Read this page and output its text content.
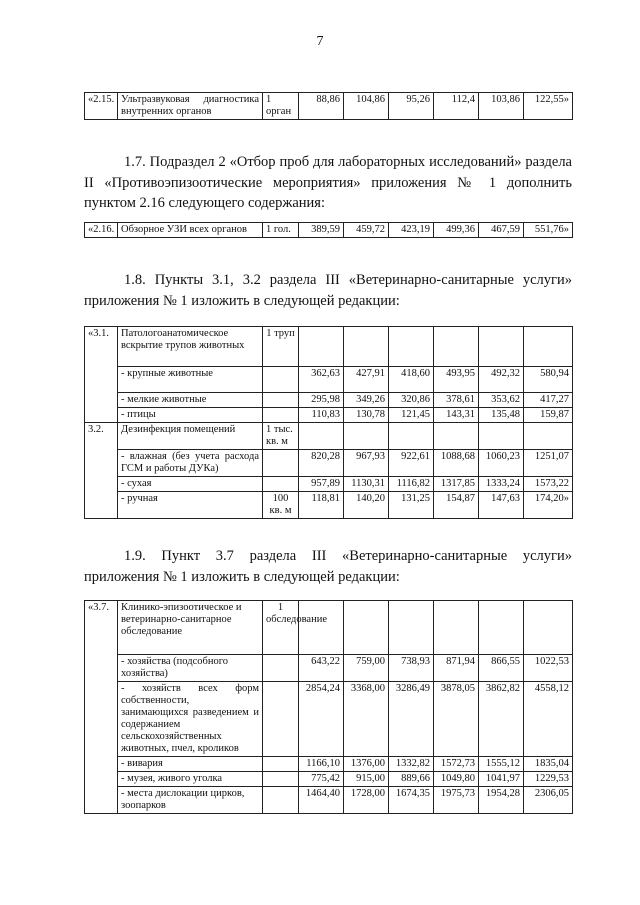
7
«2.15.	Ультразвуковая диагностика внутренних органов	1 орган	88,86	104,86	95,26	112,4	103,86	122,55»

1.7. Подраздел 2 «Отбор проб для лабораторных исследований» раздела II «Противоэпизоотические мероприятия» приложения № 1 дополнить пунктом 2.16 следующего содержания:

«2.16.	Обзорное УЗИ всех органов	1 гол.	389,59	459,72	423,19	499,36	467,59	551,76»

1.8. Пункты 3.1, 3.2 раздела III «Ветеринарно-санитарные услуги» приложения № 1 изложить в следующей редакции:

«3.1.	Патологоанатомическое вскрытие трупов животных	1 труп						
	- крупные животные		362,63	427,91	418,60	493,95	492,32	580,94
	- мелкие животные		295,98	349,26	320,86	378,61	353,62	417,27
	- птицы		110,83	130,78	121,45	143,31	135,48	159,87
3.2.	Дезинфекция помещений	1 тыс. кв. м						
	- влажная (без учета расхода ГСМ и работы ДУКа)		820,28	967,93	922,61	1088,68	1060,23	1251,07
	- сухая		957,89	1130,31	1116,82	1317,85	1333,24	1573,22
	- ручная	100 кв. м	118,81	140,20	131,25	154,87	147,63	174,20»

1.9. Пункт 3.7 раздела III «Ветеринарно-санитарные услуги» приложения № 1 изложить в следующей редакции:

«3.7.	Клинико-эпизоотическое и ветеринарно-санитарное обследование	1 обследование						
	- хозяйства (подсобного хозяйства)		643,22	759,00	738,93	871,94	866,55	1022,53
	- хозяйств всех форм собственности, занимающихся разведением и содержанием сельскохозяйственных животных, пчел, кроликов		2854,24	3368,00	3286,49	3878,05	3862,82	4558,12
	- вивария		1166,10	1376,00	1332,82	1572,73	1555,12	1835,04
	- музея, живого уголка		775,42	915,00	889,66	1049,80	1041,97	1229,53
	- места дислокации цирков, зоопарков		1464,40	1728,00	1674,35	1975,73	1954,28	2306,05
